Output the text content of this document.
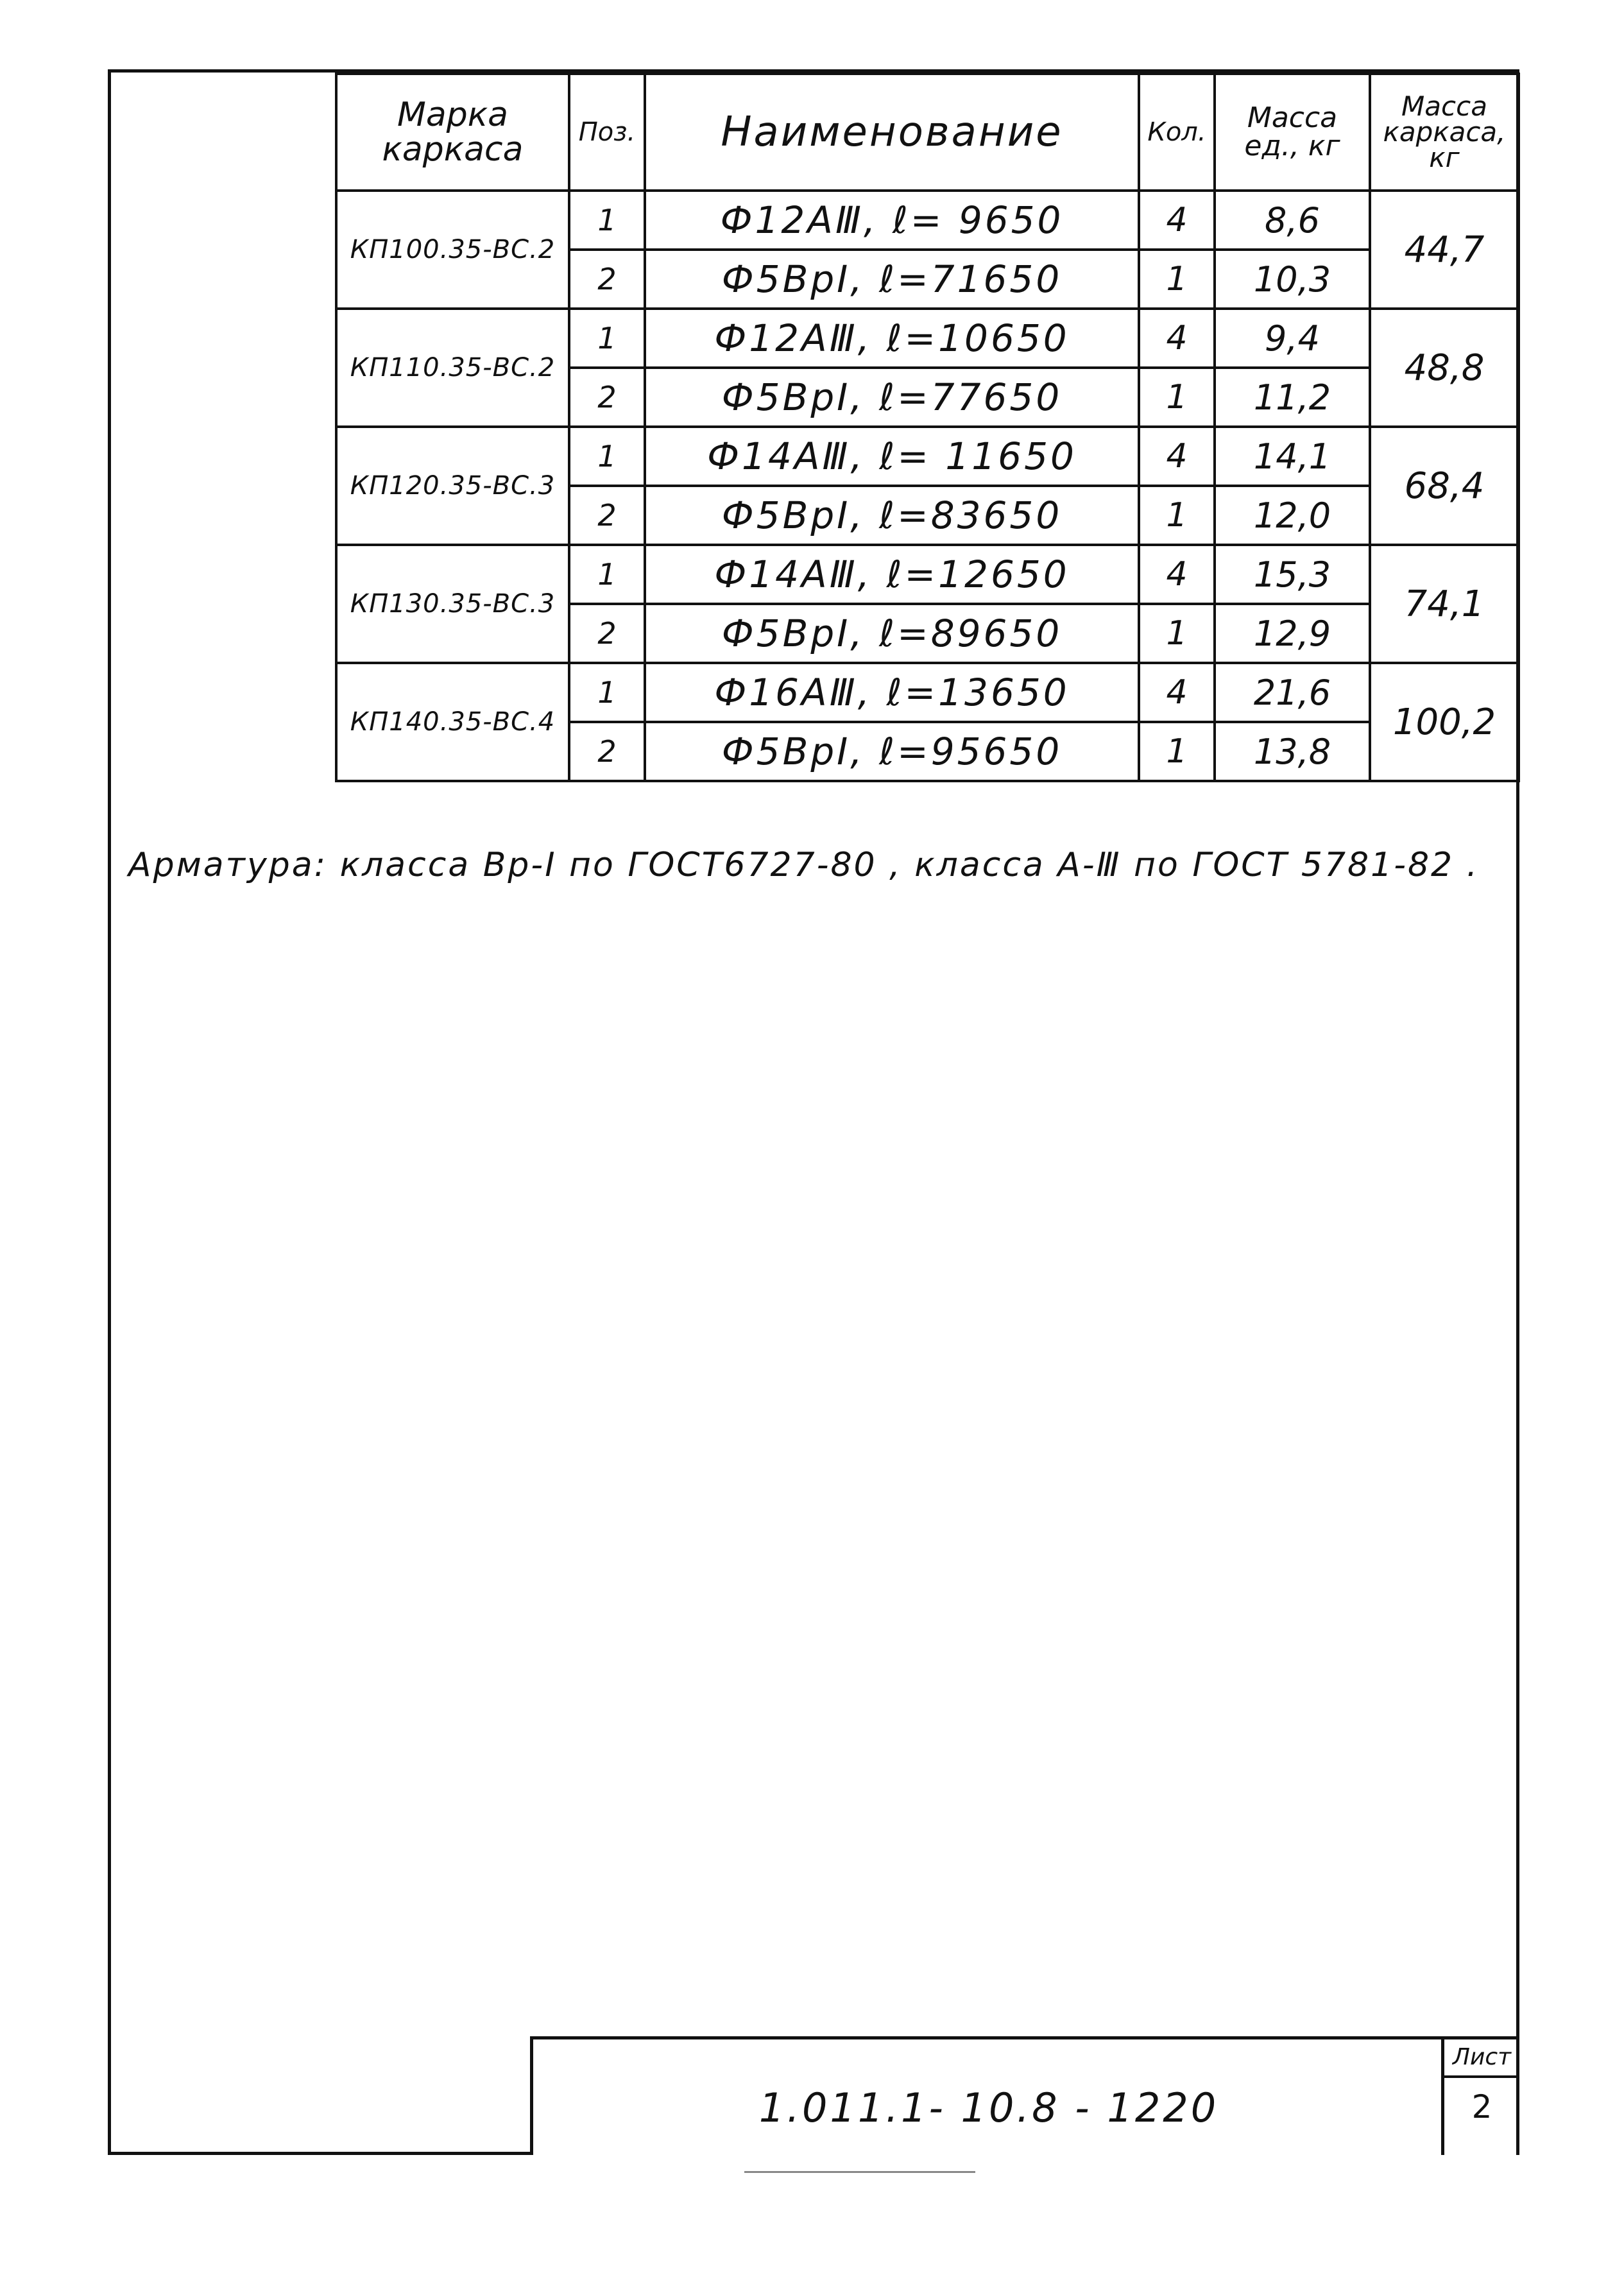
Марка каркаса	Поз.	Наименование	Кол.	Масса ед., кг	Масса каркаса, кг
КП100.35-ВС.2	1	Ф12АⅢ, ℓ= 9650	4	8,6	44,7
	2	Ф5ВрⅠ, ℓ=71650	1	10,3	
КП110.35-ВС.2	1	Ф12АⅢ, ℓ=10650	4	9,4	48,8
	2	Ф5ВрⅠ, ℓ=77650	1	11,2	
КП120.35-ВС.3	1	Ф14АⅢ, ℓ= 11650	4	14,1	68,4
	2	Ф5ВрⅠ, ℓ=83650	1	12,0	
КП130.35-ВС.3	1	Ф14АⅢ, ℓ=12650	4	15,3	74,1
	2	Ф5ВрⅠ, ℓ=89650	1	12,9	
КП140.35-ВС.4	1	Ф16АⅢ, ℓ=13650	4	21,6	100,2
	2	Ф5ВрⅠ, ℓ=95650	1	13,8	
Арматура: класса Вр-Ⅰ по ГОСТ6727-80 , класса А-Ⅲ по ГОСТ 5781-82 .
1.011.1- 10.8 - 1220
Лист
2
